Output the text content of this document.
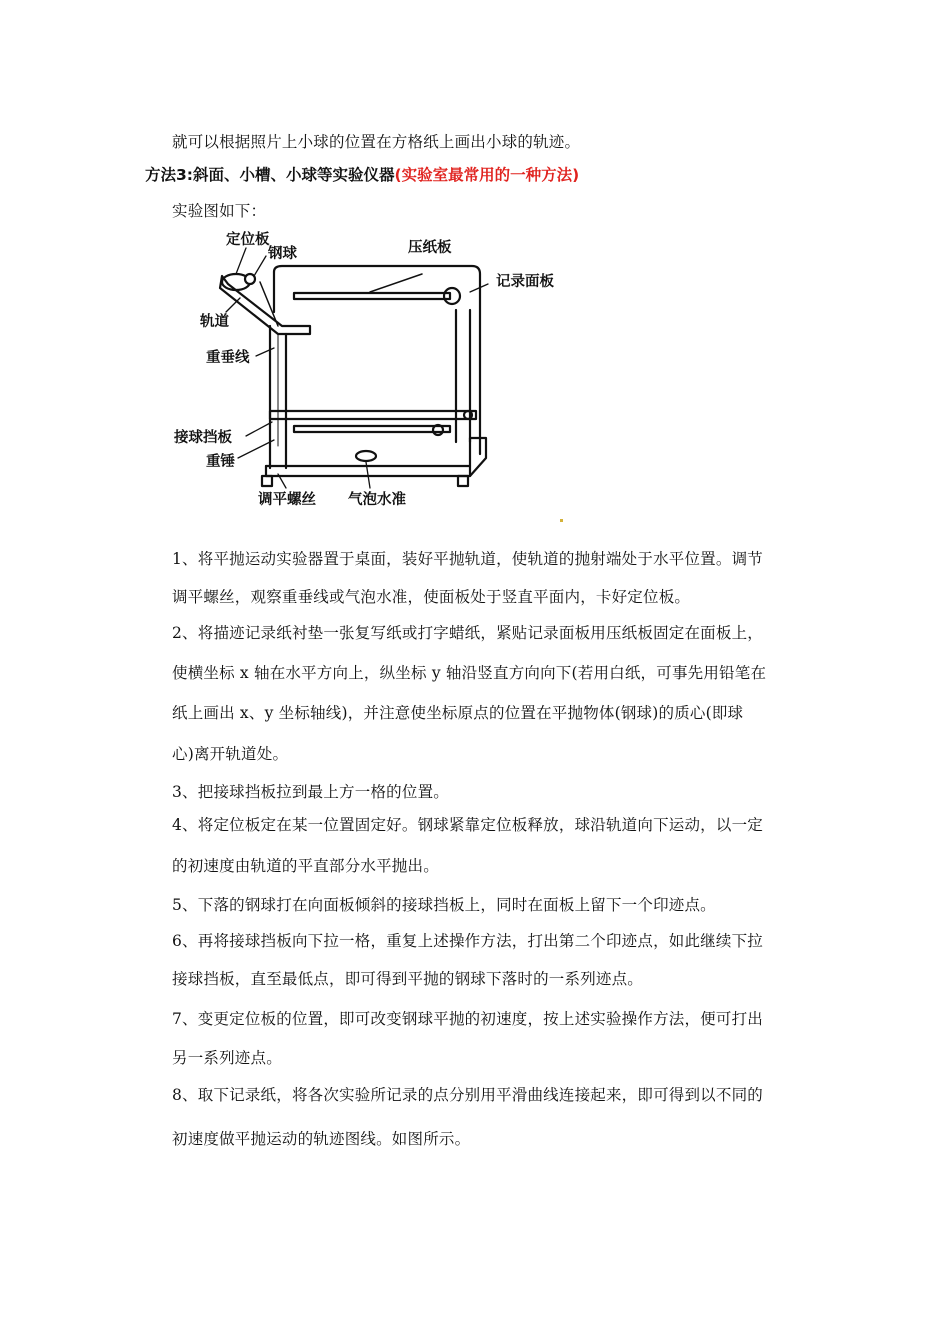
就可以根据照片上小球的位置在方格纸上画出小球的轨迹。
方法3:斜面、小槽、小球等实验仪器(实验室最常用的一种方法)
实验图如下：
定位板
钢球	压纸板
记录面板
轨道
重垂线
接球挡板
重锤
调平螺丝 气泡水准
1、将平抛运动实验器置于桌面，装好平抛轨道，使轨道的抛射端处于水平位置。调节
调平螺丝，观察重垂线或气泡水准，使面板处于竖直平面内，卡好定位板。
2、将描迹记录纸衬垫一张复写纸或打字蜡纸，紧贴记录面板用压纸板固定在面板上，
使横坐标 x 轴在水平方向上，纵坐标 y 轴沿竖直方向向下(若用白纸，可事先用铅笔在
纸上画出 x、y 坐标轴线)，并注意使坐标原点的位置在平抛物体(钢球)的质心(即球
心)离开轨道处。
3、把接球挡板拉到最上方一格的位置。
4、将定位板定在某一位置固定好。钢球紧靠定位板释放，球沿轨道向下运动，以一定
的初速度由轨道的平直部分水平抛出。
5、下落的钢球打在向面板倾斜的接球挡板上，同时在面板上留下一个印迹点。
6、再将接球挡板向下拉一格，重复上述操作方法，打出第二个印迹点，如此继续下拉
接球挡板，直至最低点，即可得到平抛的钢球下落时的一系列迹点。
7、变更定位板的位置，即可改变钢球平抛的初速度，按上述实验操作方法，便可打出
另一系列迹点。
8、取下记录纸，将各次实验所记录的点分别用平滑曲线连接起来，即可得到以不同的
初速度做平抛运动的轨迹图线。如图所示。
